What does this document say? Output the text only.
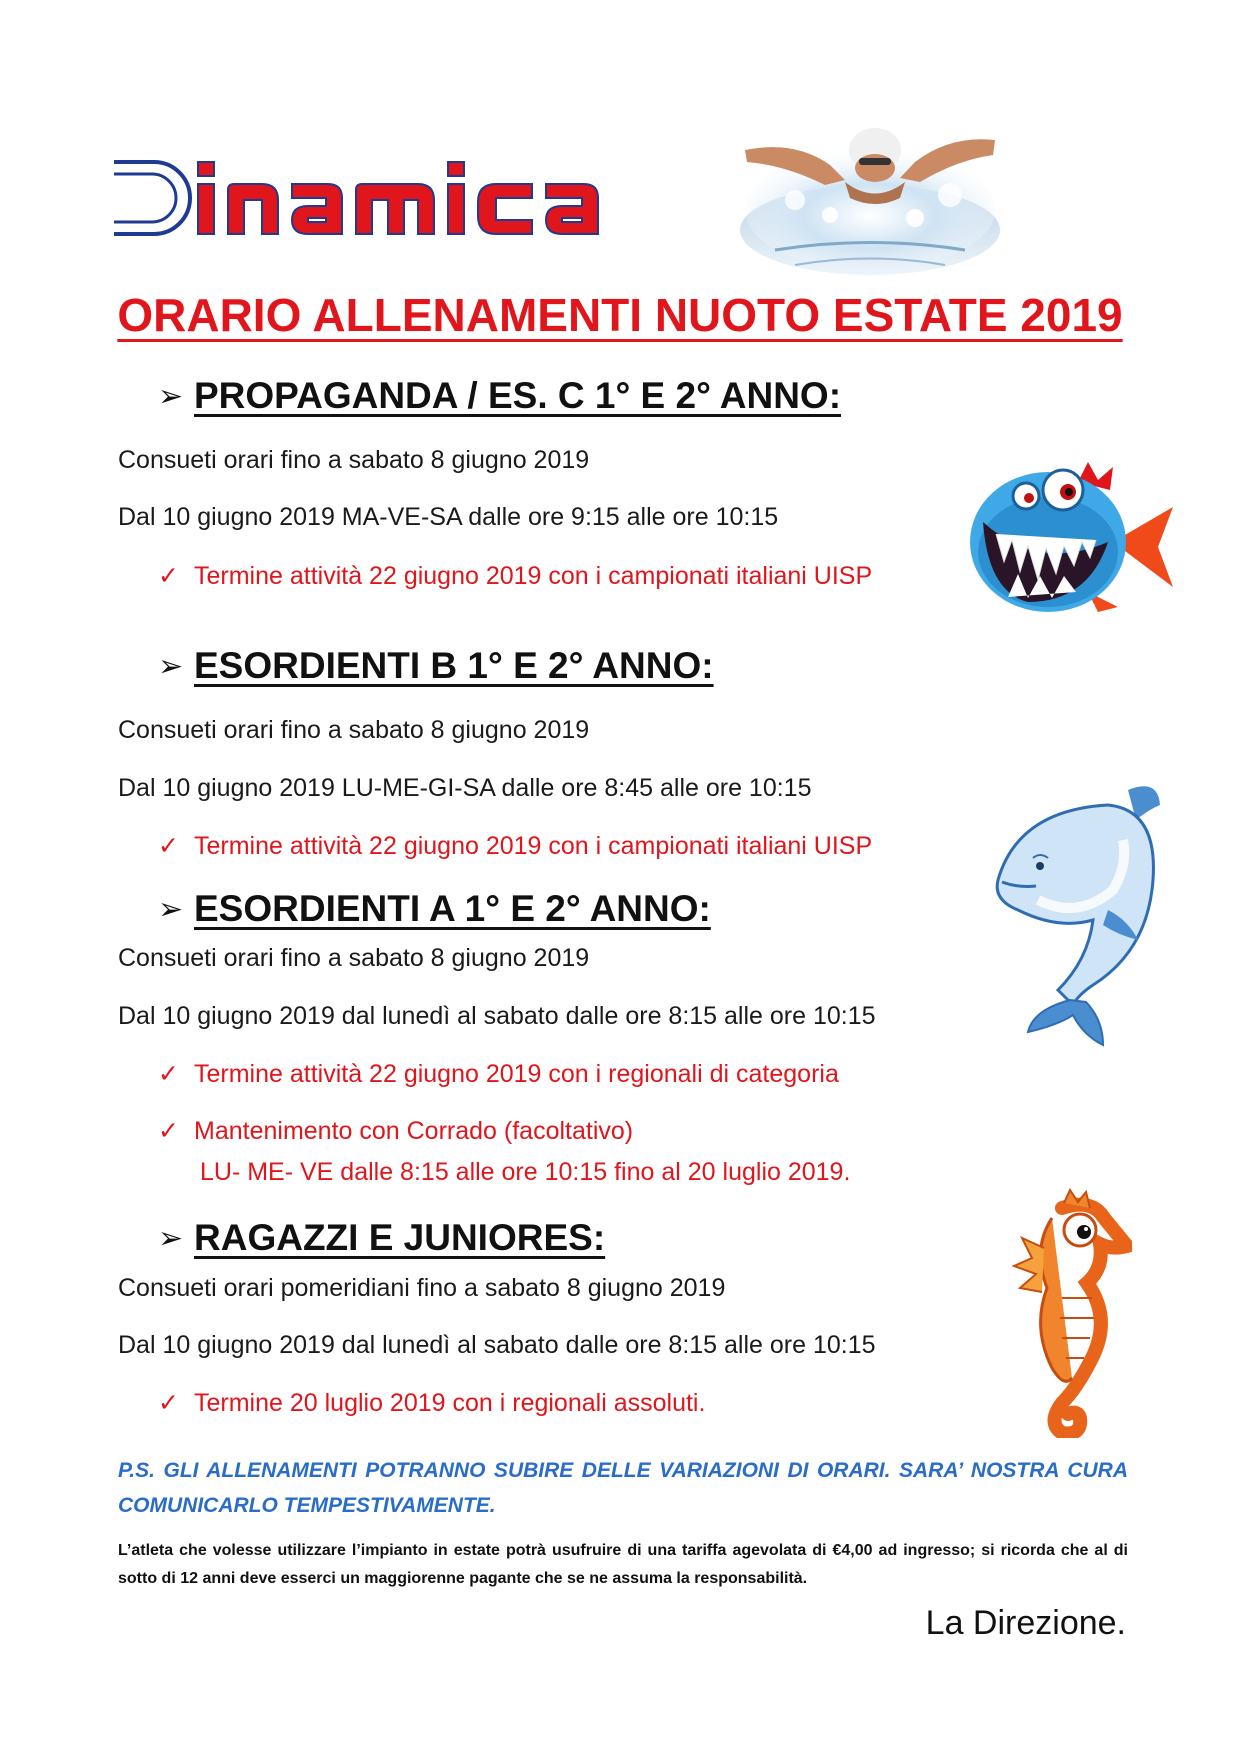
ORARIO ALLENAMENTI NUOTO ESTATE 2019
➢ PROPAGANDA / ES. C 1° E 2° ANNO:
Consueti orari fino a sabato 8 giugno 2019
Dal 10 giugno 2019 MA-VE-SA dalle ore 9:15 alle ore 10:15
✓ Termine attività 22 giugno 2019 con i campionati italiani UISP
➢ ESORDIENTI B 1° E 2° ANNO:
Consueti orari fino a sabato 8 giugno 2019
Dal 10 giugno 2019 LU-ME-GI-SA dalle ore 8:45 alle ore 10:15
✓ Termine attività 22 giugno 2019 con i campionati italiani UISP
➢ ESORDIENTI A 1° E 2° ANNO:
Consueti orari fino a sabato 8 giugno 2019
Dal 10 giugno 2019 dal lunedì al sabato dalle ore 8:15 alle ore 10:15
✓ Termine attività 22 giugno 2019 con i regionali di categoria
✓ Mantenimento con Corrado (facoltativo)
LU- ME- VE dalle 8:15 alle ore 10:15 fino al 20 luglio 2019.
➢ RAGAZZI E JUNIORES:
Consueti orari pomeridiani fino a sabato 8 giugno 2019
Dal 10 giugno 2019 dal lunedì al sabato dalle ore 8:15 alle ore 10:15
✓ Termine 20 luglio 2019 con i regionali assoluti.
P.S. GLI ALLENAMENTI POTRANNO SUBIRE DELLE VARIAZIONI DI ORARI. SARA’ NOSTRA CURA COMUNICARLO TEMPESTIVAMENTE.
L’atleta che volesse utilizzare l’impianto in estate potrà usufruire di una tariffa agevolata di €4,00 ad ingresso; si ricorda che al di sotto di 12 anni deve esserci un maggiorenne pagante che se ne assuma la responsabilità.
La Direzione.
